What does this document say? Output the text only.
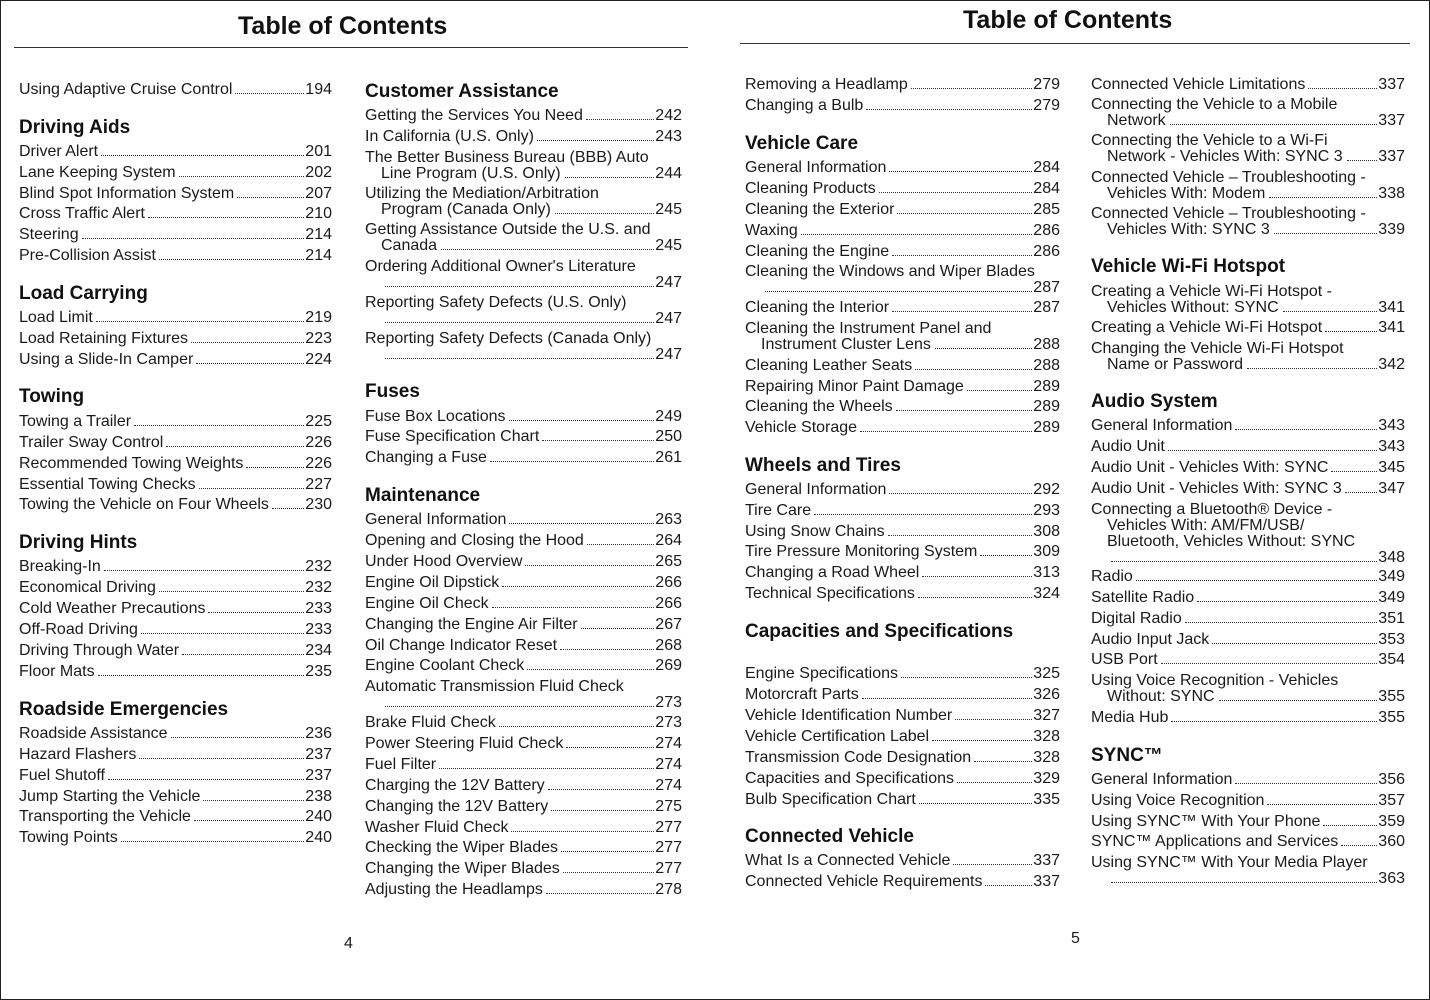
Table of Contents
Using Adaptive Cruise Control	194
Driving Aids
Driver Alert	201
Lane Keeping System	202
Blind Spot Information System	207
Cross Traffic Alert	210
Steering	214
Pre-Collision Assist	214
Load Carrying
Load Limit	219
Load Retaining Fixtures	223
Using a Slide-In Camper	224
Towing
Towing a Trailer	225
Trailer Sway Control	226
Recommended Towing Weights	226
Essential Towing Checks	227
Towing the Vehicle on Four Wheels 230
Driving Hints
Breaking-In	232
Economical Driving	232
Cold Weather Precautions	233
Off-Road Driving	233
Driving Through Water	234
Floor Mats	235
Roadside Emergencies
Roadside Assistance	236
Hazard Flashers	237
Fuel Shutoff	237
Jump Starting the Vehicle	238
Transporting the Vehicle	240
Towing Points	240
Customer Assistance
Getting the Services You Need	242
In California (U.S. Only)	243
The Better Business Bureau (BBB) Auto
Line Program (U.S. Only)	244
Utilizing the Mediation/Arbitration
Program (Canada Only)	245
Getting Assistance Outside the U.S. and
Canada	245
Ordering Additional Owner's Literature
247
Reporting Safety Defects (U.S. Only)
247
Reporting Safety Defects (Canada Only)
247
Fuses
Fuse Box Locations	249
Fuse Specification Chart	250
Changing a Fuse	261
Maintenance
General Information	263
Opening and Closing the Hood	264
Under Hood Overview	265
Engine Oil Dipstick	266
Engine Oil Check	266
Changing the Engine Air Filter	267
Oil Change Indicator Reset	268
Engine Coolant Check	269
Automatic Transmission Fluid Check
273
Brake Fluid Check	273
Power Steering Fluid Check	274
Fuel Filter	274
Charging the 12V Battery	274
Changing the 12V Battery	275
Washer Fluid Check	277
Checking the Wiper Blades	277
Changing the Wiper Blades	277
Adjusting the Headlamps	278
4
Table of Contents
Removing a Headlamp	279
Changing a Bulb	279
Vehicle Care
General Information	284
Cleaning Products	284
Cleaning the Exterior	285
Waxing	286
Cleaning the Engine	286
Cleaning the Windows and Wiper Blades
287
Cleaning the Interior	287
Cleaning the Instrument Panel and
Instrument Cluster Lens	288
Cleaning Leather Seats	288
Repairing Minor Paint Damage	289
Cleaning the Wheels	289
Vehicle Storage	289
Wheels and Tires
General Information	292
Tire Care	293
Using Snow Chains	308
Tire Pressure Monitoring System	309
Changing a Road Wheel	313
Technical Specifications	324
Capacities and Specifications
Engine Specifications	325
Motorcraft Parts	326
Vehicle Identification Number	327
Vehicle Certification Label	328
Transmission Code Designation	328
Capacities and Specifications	329
Bulb Specification Chart	335
Connected Vehicle
What Is a Connected Vehicle	337
Connected Vehicle Requirements	337
Connected Vehicle Limitations	337
Connecting the Vehicle to a Mobile
Network	337
Connecting the Vehicle to a Wi-Fi
Network - Vehicles With: SYNC 3 337
Connected Vehicle – Troubleshooting -
Vehicles With: Modem	338
Connected Vehicle – Troubleshooting -
Vehicles With: SYNC 3	339
Vehicle Wi-Fi Hotspot
Creating a Vehicle Wi-Fi Hotspot -
Vehicles Without: SYNC	341
Creating a Vehicle Wi-Fi Hotspot	341
Changing the Vehicle Wi-Fi Hotspot
Name or Password	342
Audio System
General Information	343
Audio Unit	343
Audio Unit - Vehicles With: SYNC	345
Audio Unit - Vehicles With: SYNC 3 347
Connecting a Bluetooth® Device -
Vehicles With: AM/FM/USB/
Bluetooth, Vehicles Without: SYNC
348
Radio	349
Satellite Radio	349
Digital Radio	351
Audio Input Jack	353
USB Port	354
Using Voice Recognition - Vehicles
Without: SYNC	355
Media Hub	355
SYNC™
General Information	356
Using Voice Recognition	357
Using SYNC™ With Your Phone	359
SYNC™ Applications and Services	360
Using SYNC™ With Your Media Player
363
5
